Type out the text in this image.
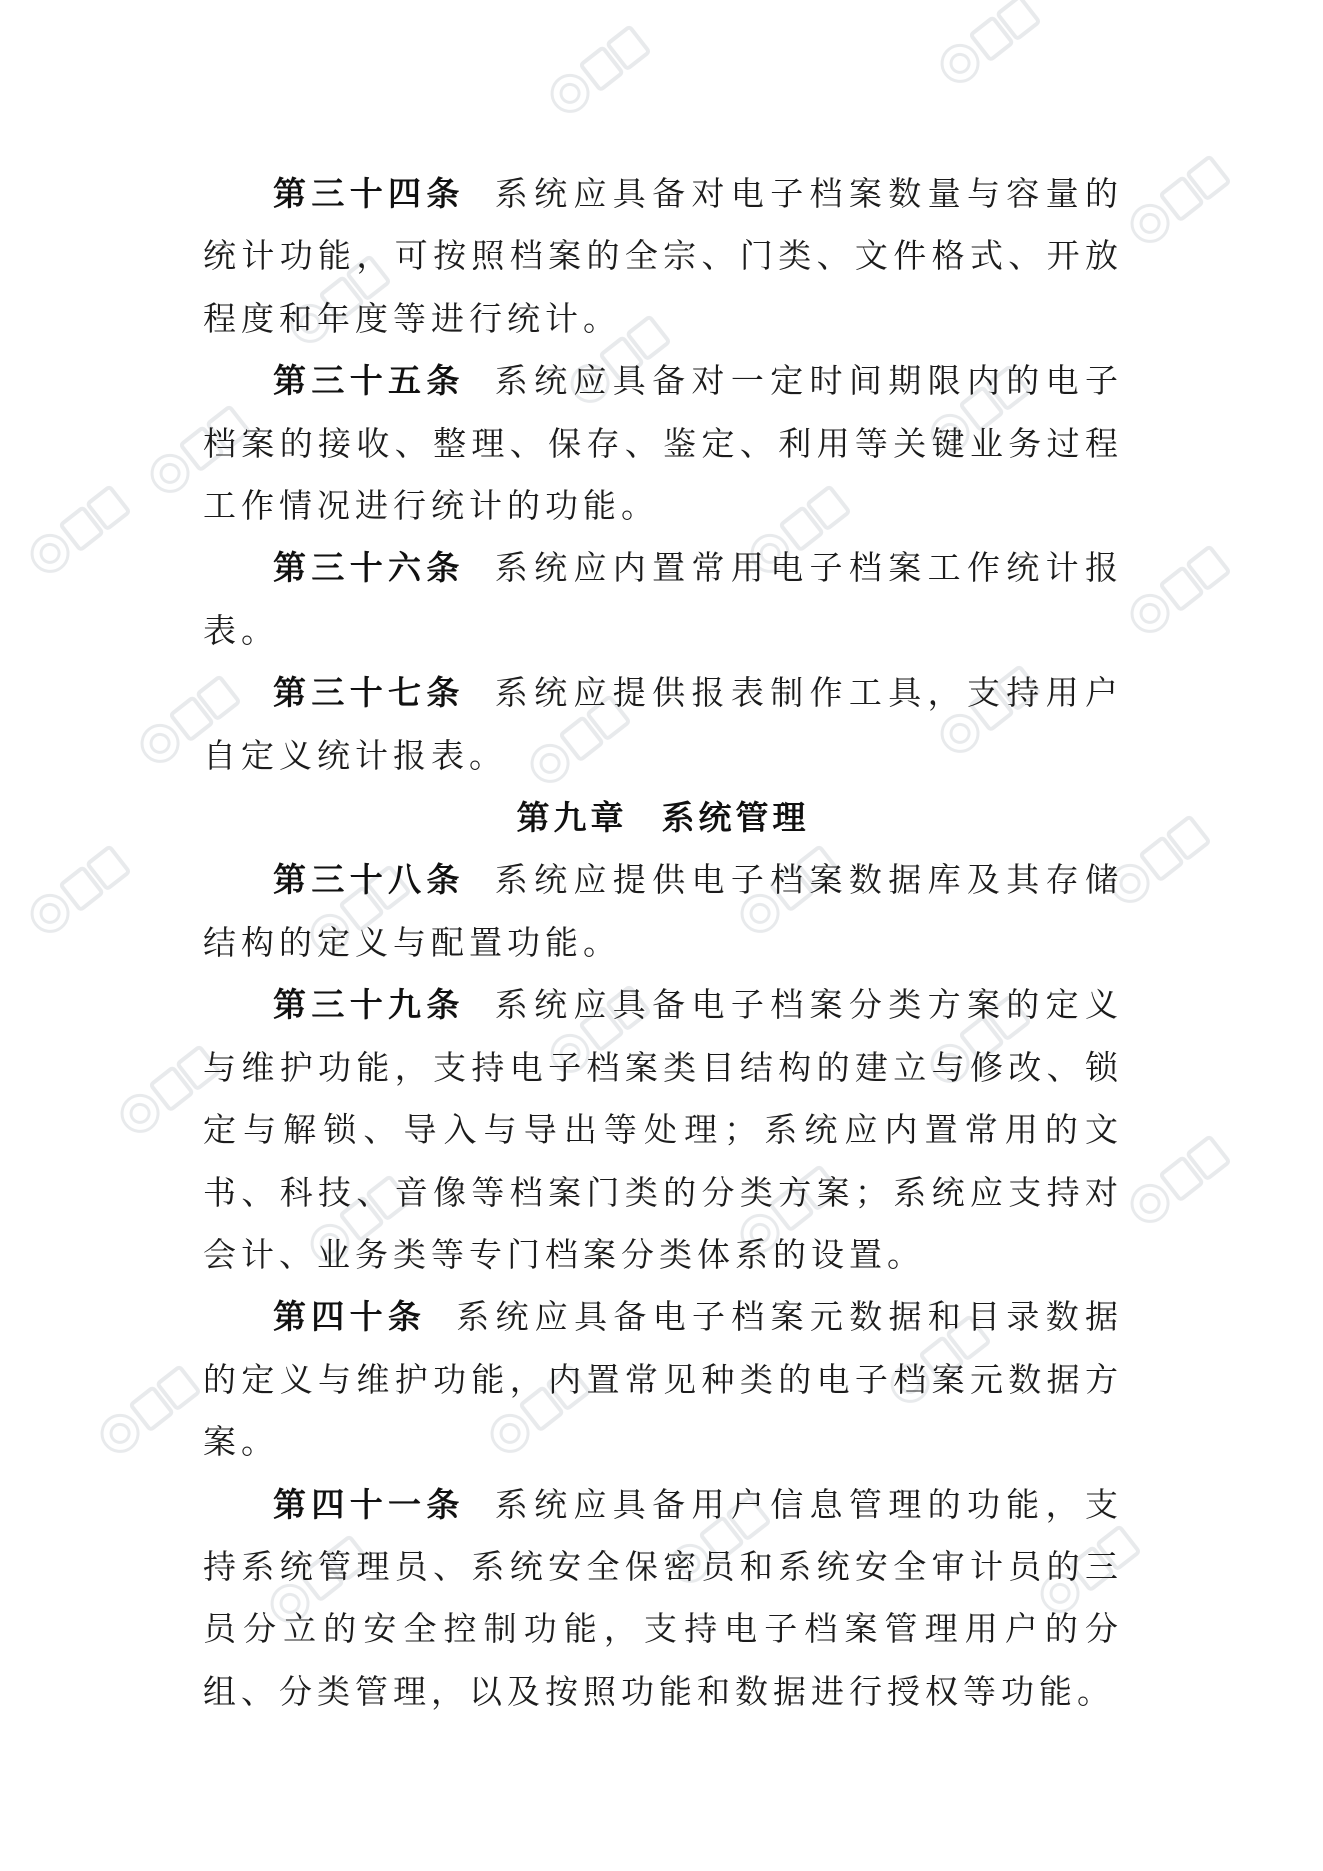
第三十四条 系统应具备对电子档案数量与容量的统计功能，可按照档案的全宗、门类、文件格式、开放程度和年度等进行统计。

第三十五条 系统应具备对一定时间期限内的电子档案的接收、整理、保存、鉴定、利用等关键业务过程工作情况进行统计的功能。

第三十六条 系统应内置常用电子档案工作统计报表。

第三十七条 系统应提供报表制作工具，支持用户自定义统计报表。

第九章 系统管理

第三十八条 系统应提供电子档案数据库及其存储结构的定义与配置功能。

第三十九条 系统应具备电子档案分类方案的定义与维护功能，支持电子档案类目结构的建立与修改、锁定与解锁、导入与导出等处理；系统应内置常用的文书、科技、音像等档案门类的分类方案；系统应支持对会计、业务类等专门档案分类体系的设置。

第四十条 系统应具备电子档案元数据和目录数据的定义与维护功能，内置常见种类的电子档案元数据方案。

第四十一条 系统应具备用户信息管理的功能，支持系统管理员、系统安全保密员和系统安全审计员的三员分立的安全控制功能，支持电子档案管理用户的分组、分类管理，以及按照功能和数据进行授权等功能。
